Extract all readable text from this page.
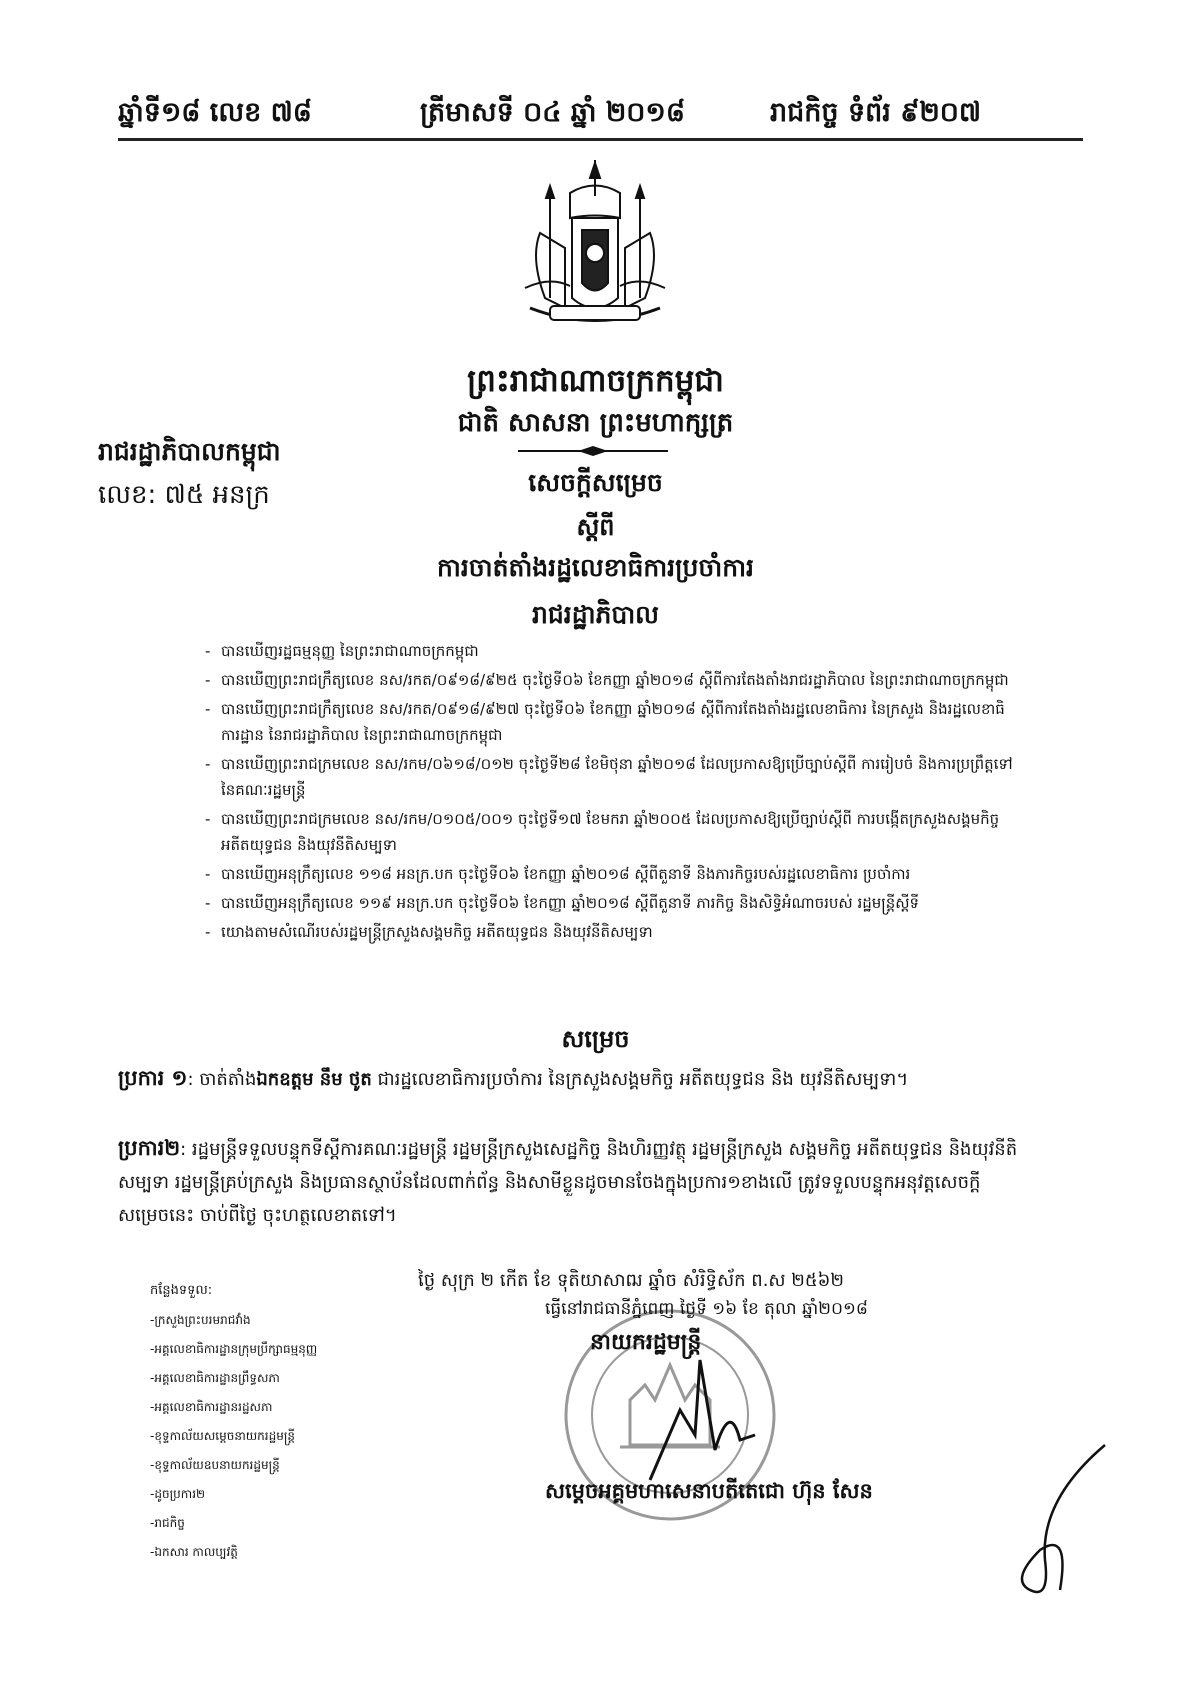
ឆ្នាំទី១៨ លេខ ៧៨	ត្រីមាសទី ០៤ ឆ្នាំ ២០១៨	រាជកិច្ច ទំព័រ ៩២០៧
ព្រះរាជាណាចក្រកម្ពុជា
ជាតិ សាសនា ព្រះមហាក្សត្រ
រាជរដ្ឋាភិបាលកម្ពុជា
លេខ: ៧៥ អនក្រ	សេចក្តីសម្រេច
ស្តីពី
ការចាត់តាំងរដ្ឋលេខាធិការប្រចាំការ
រាជរដ្ឋាភិបាល
- បានឃើញរដ្ឋធម្មនុញ្ញ នៃព្រះរាជាណាចក្រកម្ពុជា
- បានឃើញព្រះរាជក្រឹត្យលេខ នស/រកត/០៩១៨/៩២៥ ចុះថ្ងៃទី០៦ ខែកញ្ញា ឆ្នាំ២០១៨ ស្តីពីការតែងតាំងរាជរដ្ឋាភិបាល នៃព្រះរាជាណាចក្រកម្ពុជា
- បានឃើញព្រះរាជក្រឹត្យលេខ នស/រកត/០៩១៨/៩២៧ ចុះថ្ងៃទី០៦ ខែកញ្ញា ឆ្នាំ២០១៨ ស្តីពីការតែងតាំងរដ្ឋលេខាធិការ នៃក្រសួង និងរដ្ឋលេខាធិការដ្ឋាន នៃរាជរដ្ឋាភិបាល នៃព្រះរាជាណាចក្រកម្ពុជា
- បានឃើញព្រះរាជក្រមលេខ នស/រកម/០៦១៨/០១២ ចុះថ្ងៃទី២៨ ខែមិថុនា ឆ្នាំ២០១៨ ដែលប្រកាសឱ្យប្រើច្បាប់ស្តីពី ការរៀបចំ និងការប្រព្រឹត្តទៅនៃគណៈរដ្ឋមន្ត្រី
- បានឃើញព្រះរាជក្រមលេខ នស/រកម/០១០៥/០០១ ចុះថ្ងៃទី១៧ ខែមករា ឆ្នាំ២០០៥ ដែលប្រកាសឱ្យប្រើច្បាប់ស្តីពី ការបង្កើតក្រសួងសង្គមកិច្ច អតីតយុទ្ធជន និងយុវនីតិសម្បទា
- បានឃើញអនុក្រឹត្យលេខ ១១៨ អនក្រ.បក ចុះថ្ងៃទី០៦ ខែកញ្ញា ឆ្នាំ២០១៨ ស្តីពីតួនាទី និងភារកិច្ចរបស់រដ្ឋលេខាធិការ ប្រចាំការ
- បានឃើញអនុក្រឹត្យលេខ ១១៩ អនក្រ.បក ចុះថ្ងៃទី០៦ ខែកញ្ញា ឆ្នាំ២០១៨ ស្តីពីតួនាទី ភារកិច្ច និងសិទ្ធិអំណាចរបស់ រដ្ឋមន្ត្រីស្តីទី
- យោងតាមសំណើរបស់រដ្ឋមន្ត្រីក្រសួងសង្គមកិច្ច អតីតយុទ្ធជន និងយុវនីតិសម្បទា
សម្រេច
ប្រការ ១: ចាត់តាំងឯកឧត្តម នឹម ថូត ជារដ្ឋលេខាធិការប្រចាំការ នៃក្រសួងសង្គមកិច្ច អតីតយុទ្ធជន និង យុវនីតិសម្បទា។
ប្រការ២: រដ្ឋមន្ត្រីទទួលបន្ទុកទីស្តីការគណៈរដ្ឋមន្ត្រី រដ្ឋមន្ត្រីក្រសួងសេដ្ឋកិច្ច និងហិរញ្ញវត្ថុ រដ្ឋមន្ត្រីក្រសួង សង្គមកិច្ច អតីតយុទ្ធជន និងយុវនីតិសម្បទា រដ្ឋមន្ត្រីគ្រប់ក្រសួង និងប្រធានស្ថាប័នដែលពាក់ព័ន្ធ និងសាមីខ្លួនដូចមានចែងក្នុងប្រការ១ខាងលើ ត្រូវទទួលបន្ទុកអនុវត្តសេចក្តីសម្រេចនេះ ចាប់ពីថ្ងៃ ចុះហត្ថលេខាតទៅ។
ថ្ងៃ សុក្រ ២ កើត ខែ ទុតិយាសាឍ ឆ្នាំច សំរិទ្ធិស័ក ព.ស ២៥៦២
ធ្វើនៅរាជធានីភ្នំពេញ ថ្ងៃទី ១៦ ខែ តុលា ឆ្នាំ២០១៨
នាយករដ្ឋមន្ត្រី
សម្តេចអគ្គមហាសេនាបតីតេជោ ហ៊ុន សែន
កន្លែងទទួល:
- ក្រសួងព្រះបរមរាជវាំង
- អគ្គលេខាធិការដ្ឋានក្រុមប្រឹក្សាធម្មនុញ្ញ
- អគ្គលេខាធិការដ្ឋានព្រឹទ្ធសភា
- អគ្គលេខាធិការដ្ឋានរដ្ឋសភា
- ខុទ្ទកាល័យសម្តេចនាយករដ្ឋមន្ត្រី
- ខុទ្ទកាល័យឧបនាយករដ្ឋមន្ត្រី
- ដូចប្រការ២
- រាជកិច្ច
- ឯកសារ កាលប្បវត្តិ
